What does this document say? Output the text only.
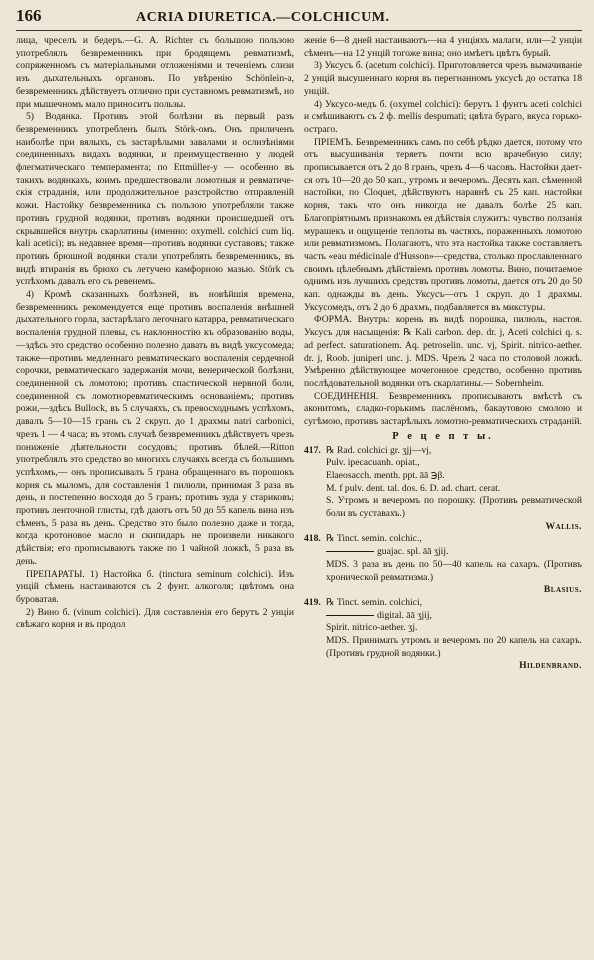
166	ACRIA DIURETICA.—COLCHICUM.

лица, чреселъ и бедеръ.—G. A. Richter съ большою пользою употреблялъ безвременникъ при бродящемъ ревматизмѣ, сопряженномъ съ матеріальными отложеніями и теченіемъ слизи изъ дыхательныхъ органовъ. По увѣренію Schönlein-а, безвременникъ дѣйствуетъ отлично при суставномъ ревматизмѣ, но при мышечномъ мало приноситъ пользы.

5) Водянка. Противъ этой болѣзни въ первый разъ безвременникъ употребленъ былъ Störk-омъ. Онъ приличенъ наиболѣе при вялыхъ, съ застарѣлыми завалами и ослизѣніями соединенныхъ видахъ водянки, и преимущественно у людей флегматическаго темперамента; по Ettmüller-у — особенно въ такихъ водянкахъ, коимъ предшествовали ломотныя и ревматическія страданія, или продолжительное разстройство отправленій кожи. Настойку безвременника съ пользою употребляли также противъ грудной водянки, противъ водянки происшедшей отъ скрывшейся внутрь скарлатины (именно: oxymell. colchici cum liq. kali acetici); въ недавнее время—противъ водянки суставовъ; также противъ брюшной водянки стали употреблять безвременникъ, въ видѣ втиранія въ брюхо съ летучею камфорною мазью. Störk съ успѣхомъ давалъ его съ ревенемъ.

4) Кромѣ сказанныхъ болѣзней, въ новѣйшія времена, безвременникъ рекомендуется еще противъ воспаленія внѣшней дыхательного горла, застарѣлаго легочнаго катарра, ревматическаго воспаленія грудной плевы, съ наклонностію къ образованію воды,—здѣсь это средство особенно полезно давать въ видѣ уксусомеда; также—противъ медленнаго ревматическаго воспаленія сердечной сорочки, ревматическаго задержанія мочи, венерической болѣзни, соединенной съ ломотою; противъ спастической нервной боли, соединенной съ ломотноревматическимъ основаніемъ; противъ рожи,—здѣсь Bullock, въ 5 случаяхъ, съ превосходнымъ успѣхомъ, давалъ 5—10—15 грань съ 2 скруп. до 1 драхмы natri carbonici, чрезъ 1 — 4 часа; въ этомъ случаѣ безвременникъ дѣйствуетъ чрезъ пониженіе дѣятельности сосудовъ; противъ бѣлей.—Ritton употреблялъ это средство во многихъ случаяхъ всегда съ большимъ успѣхомъ,— онъ прописывалъ 5 грана обращеннаго въ порошокъ корня съ мыломъ, для составленія 1 пилюли, принимая 3 раза въ день, и постепенно восходя до 5 гранъ; противъ зуда у стариковъ; противъ ленточной глисты, гдѣ даютъ отъ 50 до 55 капель вина изъ сѣменъ, 5 раза въ день. Средство это было полезно даже и тогда, когда кротоновое масло и скипидаръ не произвели никакого дѣйствія; его прописываютъ также по 1 чайной ложкѣ, 5 раза въ день.

ПРЕПАРАТЫ. 1) Настойка б. (tinctura seminum colchici). Изъ унцій сѣмень настаиваются съ 2 фунт. алкоголя; цвѣтомъ она буроватая.

2) Вино б. (vinum colchici). Для составленія его берутъ 2 унціи свѣжаго корня и въ продол

женіе 6—8 дней настаиваютъ—на 4 унціяхъ малаги, или—2 унціи сѣменъ—на 12 унцій тогоже вина; оно имѣетъ цвѣтъ бурый.

3) Уксусъ б. (acetum colchici). Приготовляется чрезъ вымачиваніе 2 унцій высушеннаго корня въ перегнанномъ уксусѣ до остатка 18 унцій.

4) Уксусо-медъ б. (oxymel colchici): берутъ 1 фунтъ aceti colchici и смѣшиваютъ съ 2 ф. mellis despumati; цвѣта бураго, вкуса горько-остраго.

ПРІЕМЪ. Безвременникъ самъ по себѣ рѣдко дается, потому что отъ высушиванія теряетъ почти всю врачебную силу; прописывается отъ 2 до 8 гранъ, чрезъ 4—6 часовъ. Настойки дается отъ 10—20 до 50 кап., утромъ и вечеромъ. Десять кап. сѣменной настойки, по Cloquet, дѣйствуютъ наравнѣ съ 25 кап. настойки корня, такъ что онъ никогда не давалъ болѣе 25 кап. Благопріятнымъ признакомъ ея дѣйствія служитъ: чувство ползанія мурашекъ и ощущеніе теплоты въ частяхъ, пораженныхъ ломотою или ревматизмомъ. Полагаютъ, что эта настойка также составляетъ часть «eau médicinale d'Husson»—средства, столько прославленнаго своимъ цѣлебнымъ дѣйствіемъ противъ ломоты. Вино, почитаемое однимъ изъ лучшихъ средствъ противъ ломоты, дается отъ 20 до 50 кап. однажды въ день. Уксусъ—отъ 1 скруп. до 1 драхмы. Уксусомедъ, отъ 2 до 6 драхмъ, подбавляется въ микстуры.

ФОРМА. Внутрь: корень въ видѣ порошка, пилюль, настоя. Уксусъ для насыщенія: ℞ Kali carbon. dep. dr. j, Aceti colchici q. s. ad perfect. saturationem. Aq. petroselin. unc. vj, Spirit. nitrico-aether. dr. j, Roob. juniperi unc. j. MDS. Чрезъ 2 часа по столовой ложкѣ. Умѣренно дѣйствующее мочегонное средство, особенно противъ послѣдовательной водянки отъ скарлатины.— Sobernheim.

СОЕДИНЕНІЯ. Безвременникъ прописываютъ вмѣстѣ съ аконитомъ, сладко-горькимъ паслёномъ, бакаутовою смолою и сугѣмою, противъ застарѣлыхъ ломотно-ревматическихъ страданій.

Р е ц е п т ы.
417. ℞ Rad. colchici gr. ʒjj—vj,
Pulv. ipecacuanh. opiat.,
Elaeosacch. menth. ppt. āā ℈β.
M. f pulv. dent. tal. dos. 6. D. ad. chart. cerat.
S. Утромъ и вечеромъ по порошку. (Противъ ревматической боли въ суставахъ.)
Wallis.
418. ℞ Tinct. semin. colchic.,
guajac. spl. āā ʒjij.
MDS. 3 раза въ день по 50—40 капель на сахаръ. (Противъ хронической ревматизма.)
Blasius.
419. ℞ Tinct. semin. colchici,
digital. āā ʒjij,
Spirit. nitrico-aether. ʒj.
MDS. Принимать утромъ и вечеромъ по 20 капель на сахаръ. (Противъ грудной водянки.)
Hildenbrand.
